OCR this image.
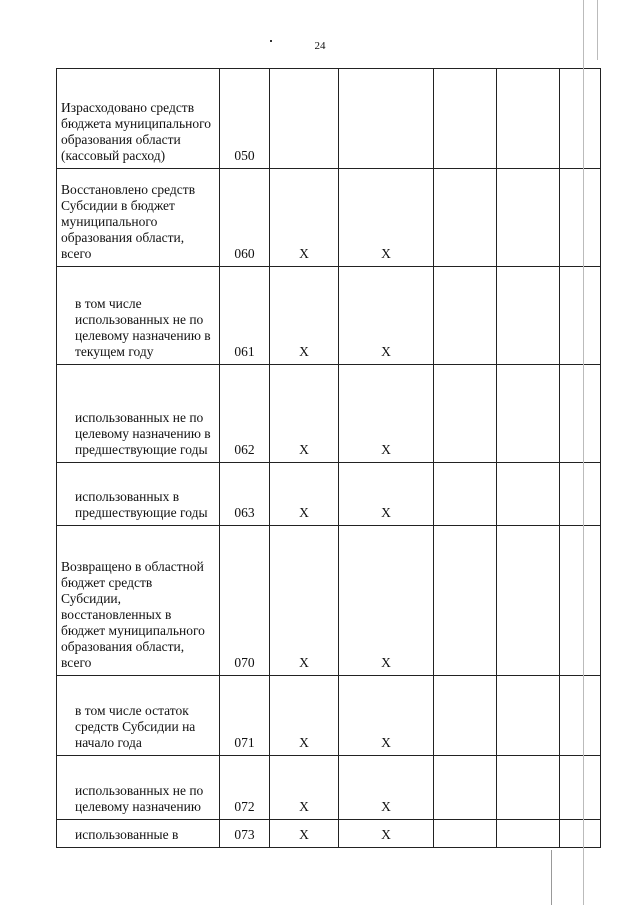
24
Израсходовано средств бюджета муниципального образования области (кассовый расход)	050					
Восстановлено средств Субсидии в бюджет муниципального образования области, всего	060	X	X			
в том числе использованных не по целевому назначению в текущем году	061	X	X			
использованных не по целевому назначению в предшествующие годы	062	X	X			
использованных в предшествующие годы	063	X	X			
Возвращено в областной бюджет средств Субсидии, восстановленных в бюджет муниципального образования области, всего	070	X	X			
в том числе остаток средств Субсидии на начало года	071	X	X			
использованных не по целевому назначению	072	X	X			
использованные в	073	X	X			
